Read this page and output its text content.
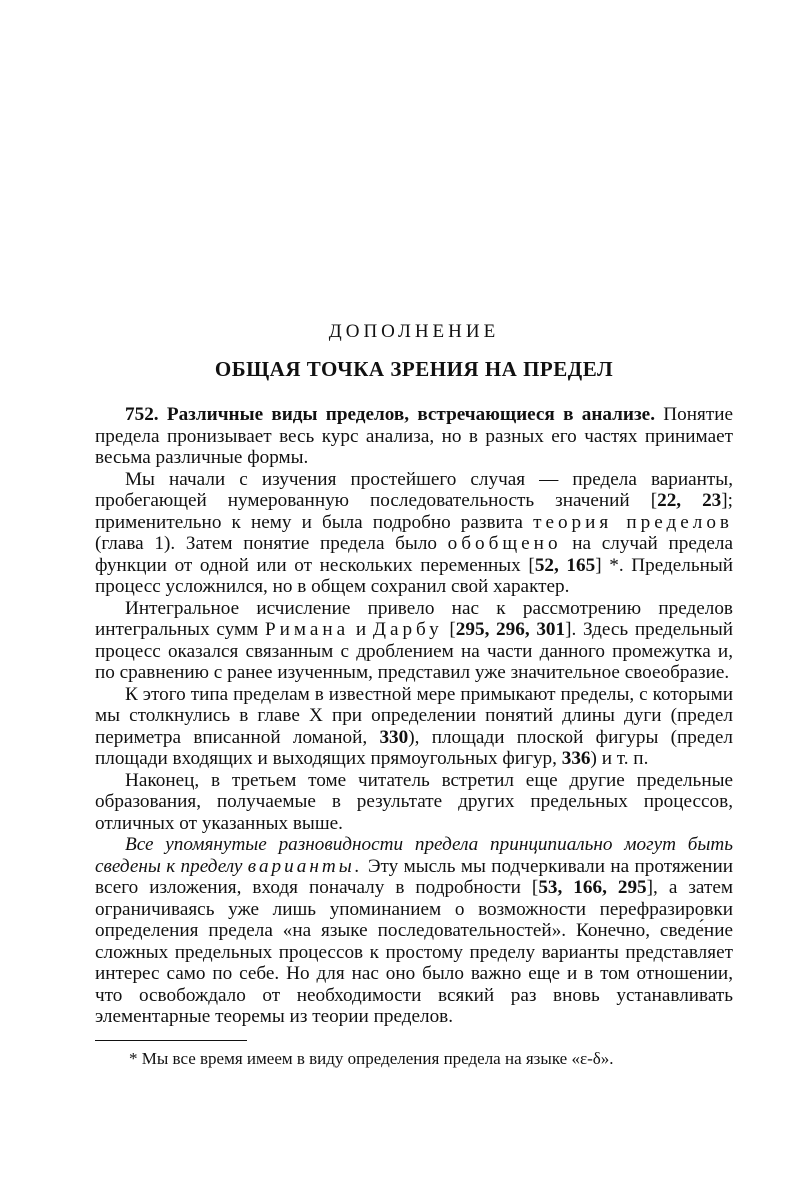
ДОПОЛНЕНИЕ
ОБЩАЯ ТОЧКА ЗРЕНИЯ НА ПРЕДЕЛ

752. Различные виды пределов, встречающиеся в анализе. Понятие предела пронизывает весь курс анализа, но в разных его частях принимает весьма различные формы.

Мы начали с изучения простейшего случая — предела варианты, пробегающей нумерованную последовательность значений [22, 23]; применительно к нему и была подробно развита теория пределов (глава 1). Затем понятие предела было обобщено на случай предела функции от одной или от нескольких переменных [52, 165] *. Предельный процесс усложнился, но в общем сохранил свой характер.

Интегральное исчисление привело нас к рассмотрению пределов интегральных сумм Римана и Дарбу [295, 296, 301]. Здесь предельный процесс оказался связанным с дроблением на части данного промежутка и, по сравнению с ранее изученным, представил уже значительное своеобразие.

К этого типа пределам в известной мере примыкают пределы, с которыми мы столкнулись в главе X при определении понятий длины дуги (предел периметра вписанной ломаной, 330), площади плоской фигуры (предел площади входящих и выходящих прямоугольных фигур, 336) и т. п.

Наконец, в третьем томе читатель встретил еще другие предельные образования, получаемые в результате других предельных процессов, отличных от указанных выше.

Все упомянутые разновидности предела принципиально могут быть сведены к пределу варианты. Эту мысль мы подчеркивали на протяжении всего изложения, входя поначалу в подробности [53, 166, 295], а затем ограничиваясь уже лишь упоминанием о возможности перефразировки определения предела «на языке последовательностей». Конечно, сведе́ние сложных предельных процессов к простому пределу варианты представляет интерес само по себе. Но для нас оно было важно еще и в том отношении, что освобождало от необходимости всякий раз вновь устанавливать элементарные теоремы из теории пределов.

* Мы все время имеем в виду определения предела на языке «ε-δ».
